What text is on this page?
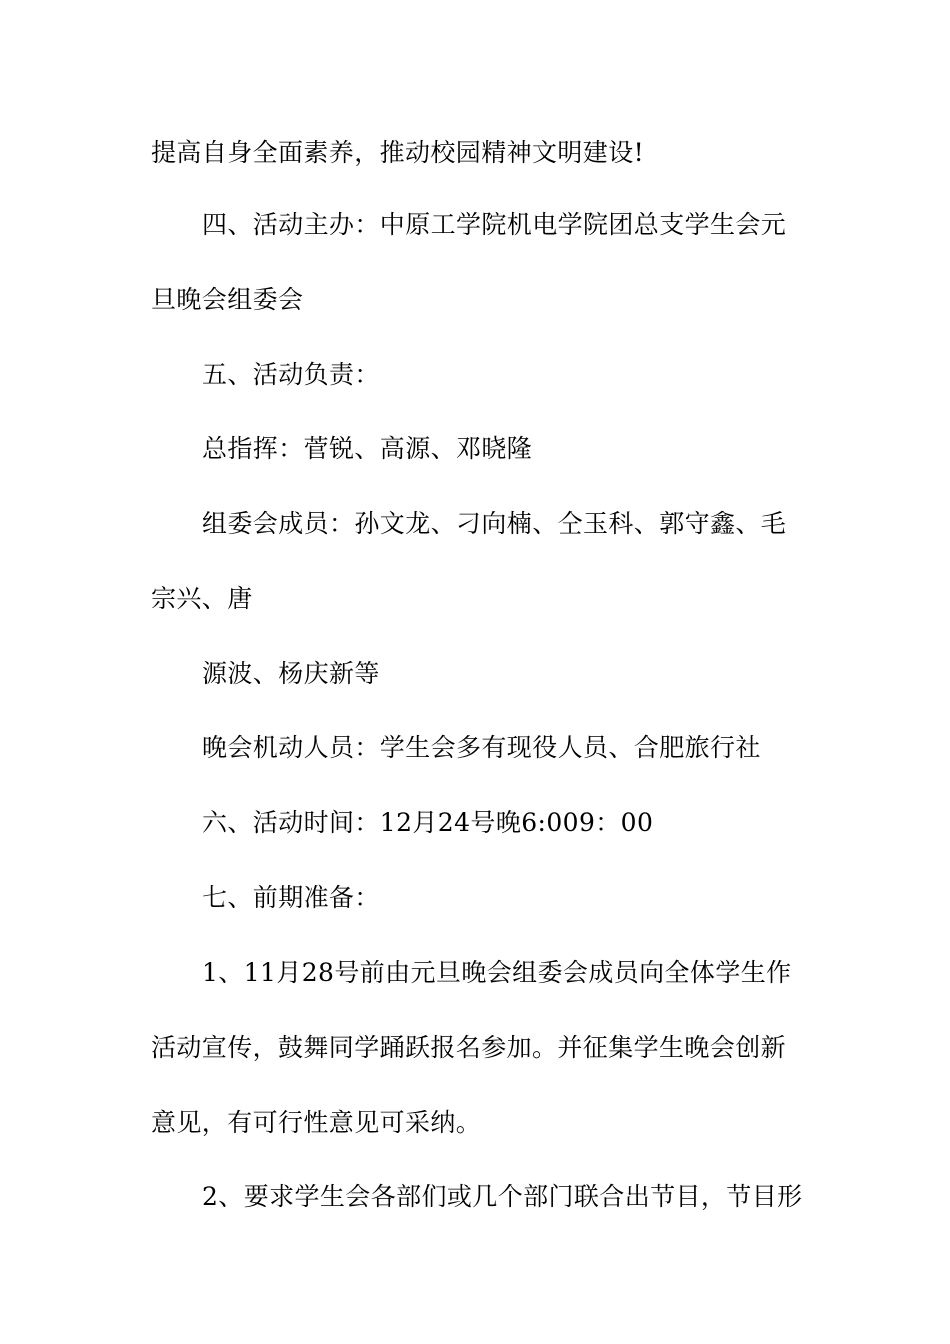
提高自身全面素养，推动校园精神文明建设!
四、活动主办：中原工学院机电学院团总支学生会元
旦晚会组委会
五、活动负责：
总指挥：菅锐、高源、邓晓隆
组委会成员：孙文龙、刁向楠、仝玉科、郭守鑫、毛
宗兴、唐
源波、杨庆新等
晚会机动人员：学生会多有现役人员、合肥旅行社
六、活动时间：12月24号晚6:009：00
七、前期准备：
1、11月28号前由元旦晚会组委会成员向全体学生作
活动宣传，鼓舞同学踊跃报名参加。并征集学生晚会创新
意见，有可行性意见可采纳。
2、要求学生会各部们或几个部门联合出节目，节目形
